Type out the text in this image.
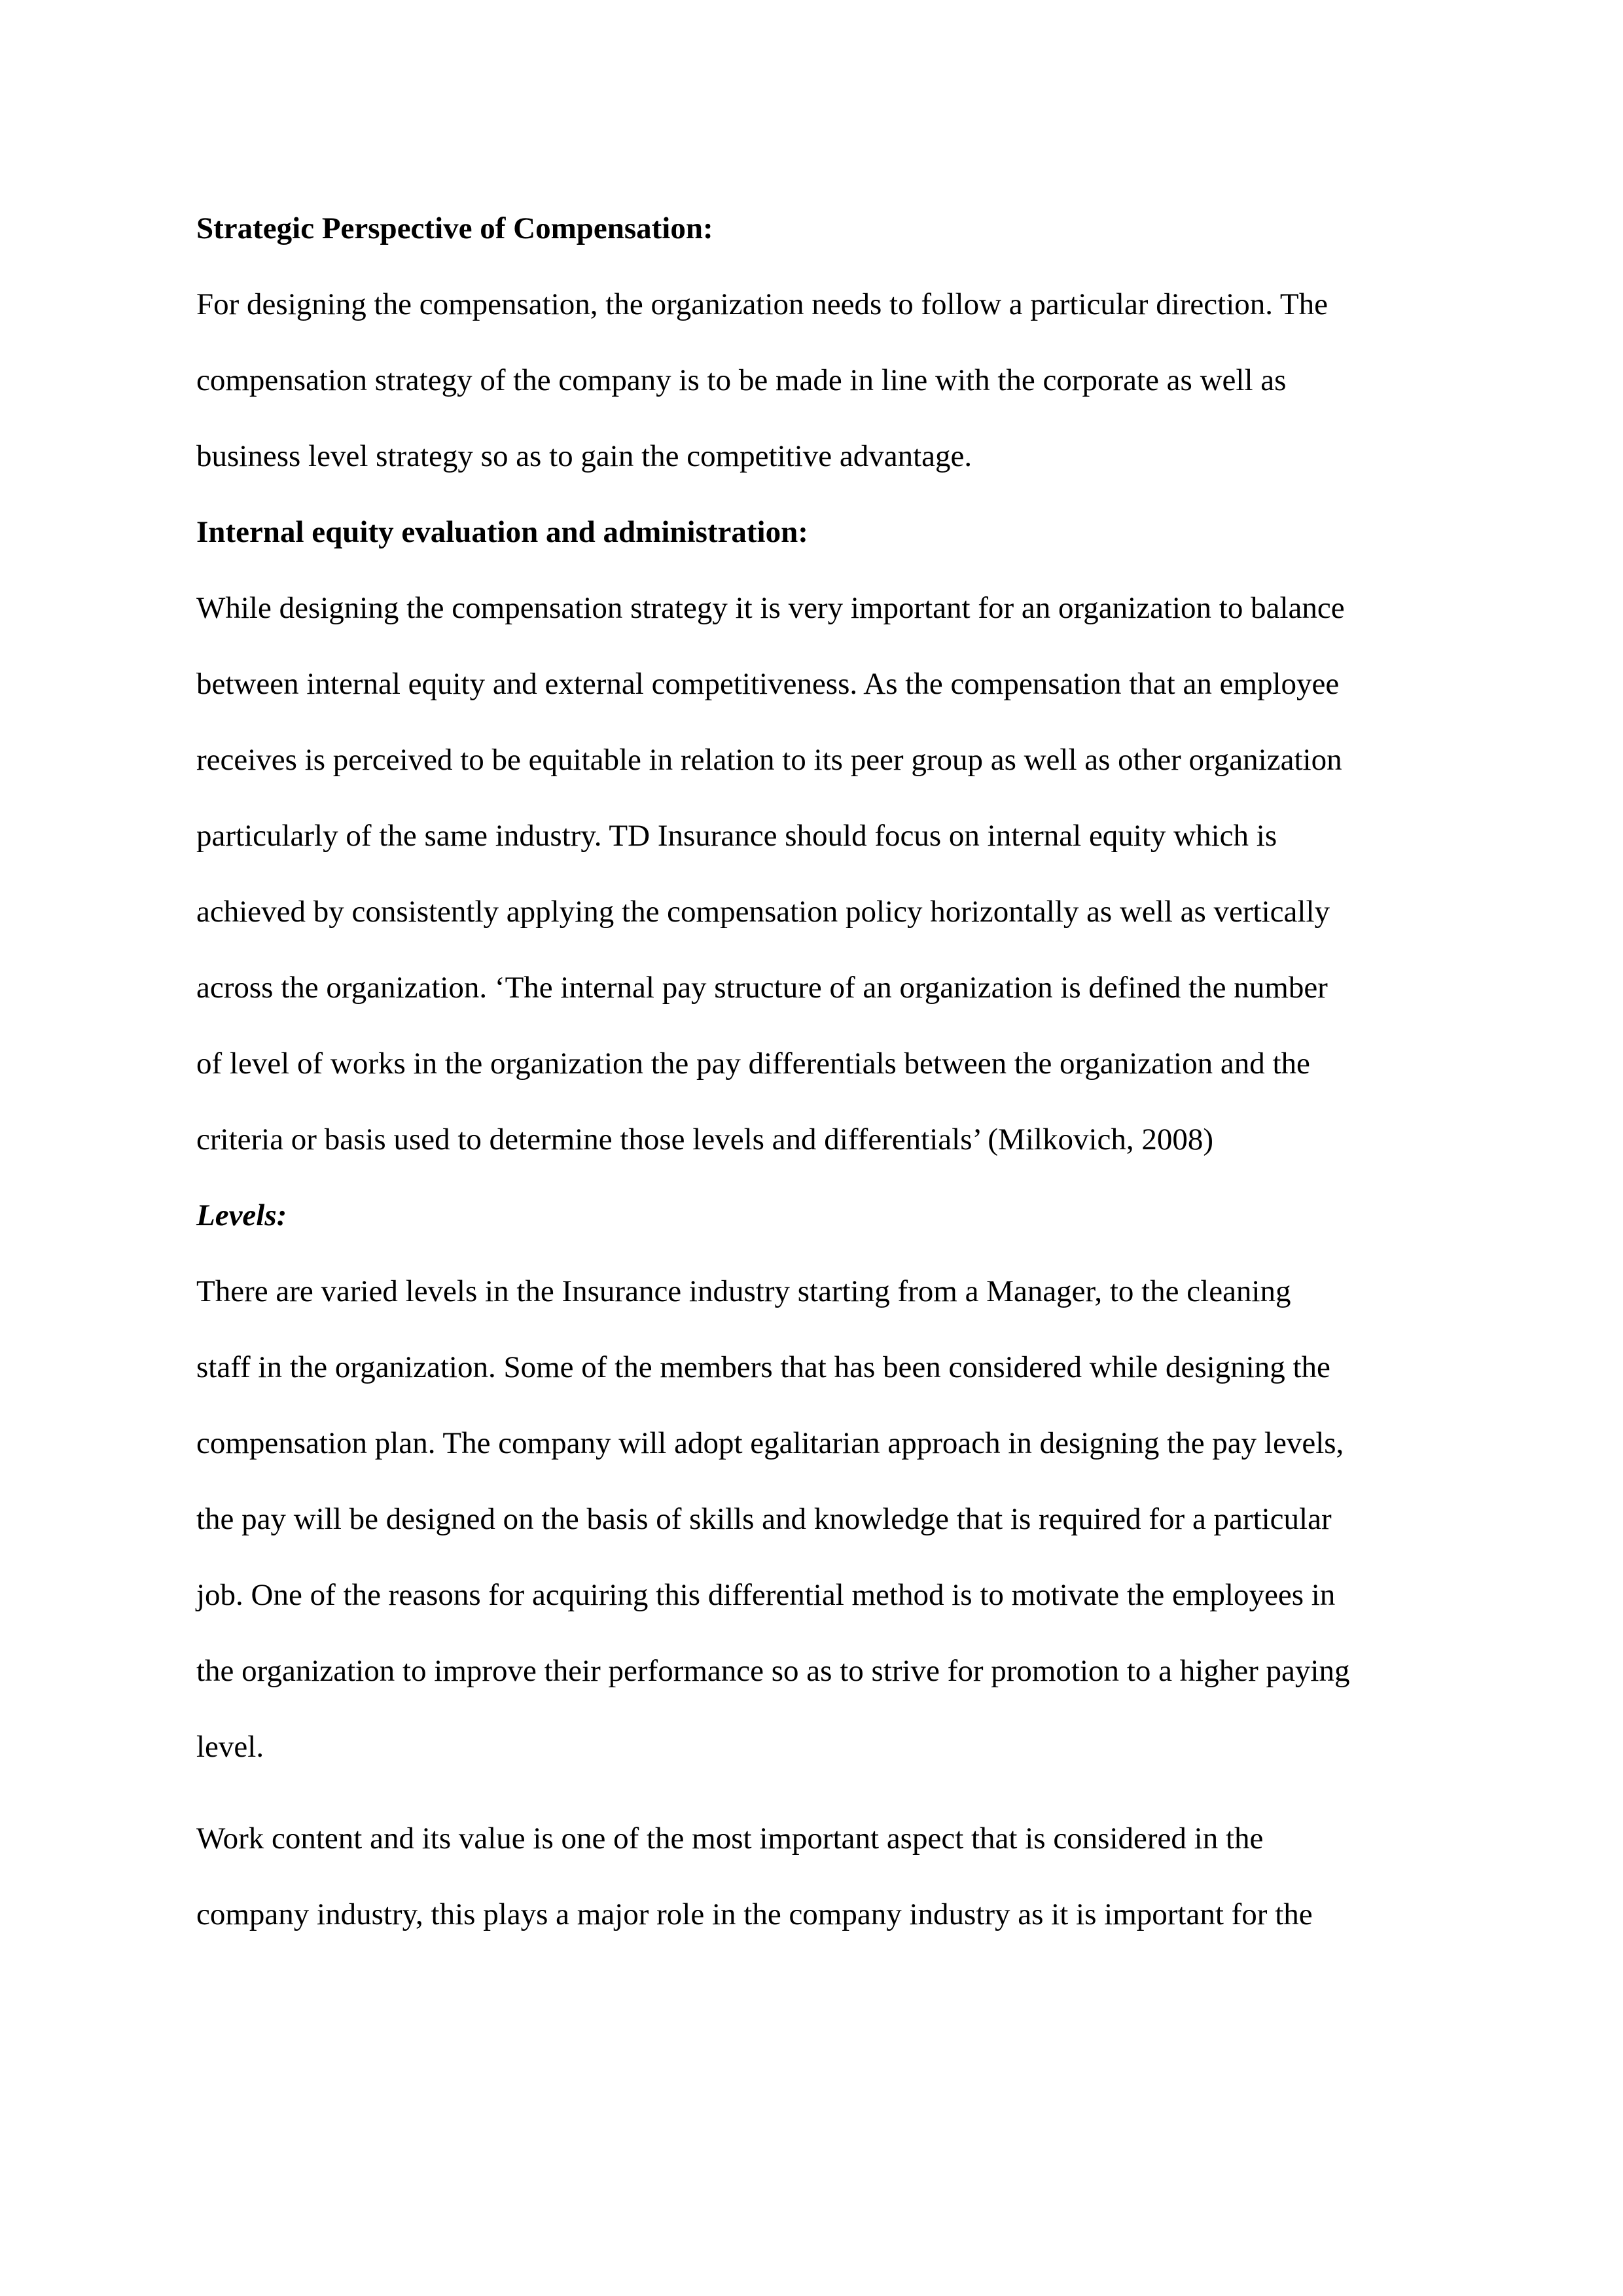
Strategic Perspective of Compensation:
For designing the compensation, the organization needs to follow a particular direction. The
compensation strategy of the company is to be made in line with the corporate as well as
business level strategy so as to gain the competitive advantage.
Internal equity evaluation and administration:
While designing the compensation strategy it is very important for an organization to balance
between internal equity and external competitiveness. As the compensation that an employee
receives is perceived to be equitable in relation to its peer group as well as other organization
particularly of the same industry. TD Insurance should focus on internal equity which is
achieved by consistently applying the compensation policy horizontally as well as vertically
across the organization. ‘The internal pay structure of an organization is defined the number
of level of works in the organization the pay differentials between the organization and the
criteria or basis used to determine those levels and differentials’ (Milkovich, 2008)
Levels:
There are varied levels in the Insurance industry starting from a Manager, to the cleaning
staff in the organization. Some of the members that has been considered while designing the
compensation plan. The company will adopt egalitarian approach in designing the pay levels,
the pay will be designed on the basis of skills and knowledge that is required for a particular
job. One of the reasons for acquiring this differential method is to motivate the employees in
the organization to improve their performance so as to strive for promotion to a higher paying
level.
Work content and its value is one of the most important aspect that is considered in the
company industry, this plays a major role in the company industry as it is important for the
